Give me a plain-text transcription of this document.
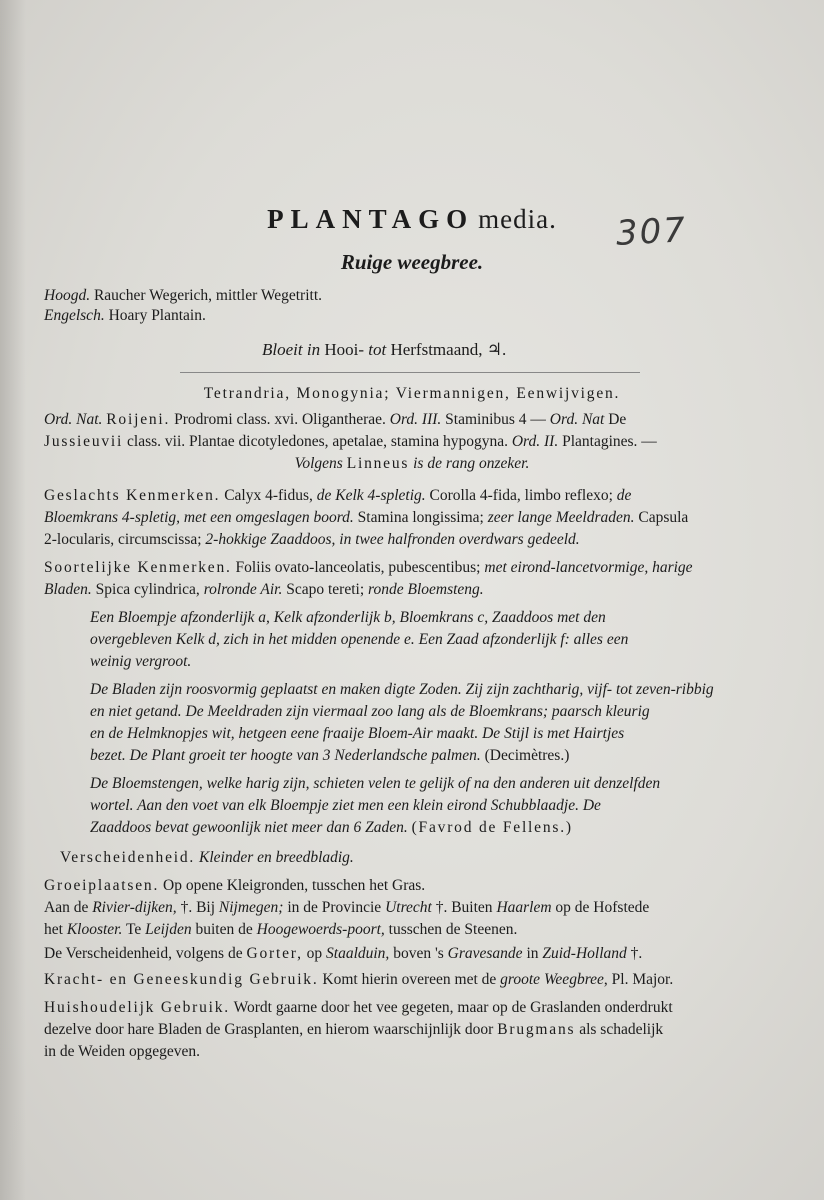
PLANTAGO media.	307
Ruige weegbree.
Hoogd. Raucher Wegerich, mittler Wegetritt.
Engelsch. Hoary Plantain.
Bloeit in Hooi- tot Herfstmaand, ♃.
Tetrandria, Monogynia; Viermannigen, Eenwijvigen.
Ord. Nat. Roijeni. Prodromi class. xvi. Oligantherae. Ord. III. Staminibus 4 — Ord. Nat De
Jussieuvii class. vii. Plantae dicotyledones, apetalae, stamina hypogyna. Ord. II. Plantagines. —
Volgens Linneus is de rang onzeker.
Geslachts Kenmerken. Calyx 4-fidus, de Kelk 4-spletig. Corolla 4-fida, limbo reflexo; de
Bloemkrans 4-spletig, met een omgeslagen boord. Stamina longissima; zeer lange Meeldraden. Capsula
2-locularis, circumscissa; 2-hokkige Zaaddoos, in twee halfronden overdwars gedeeld.
Soortelijke Kenmerken. Foliis ovato-lanceolatis, pubescentibus; met eirond-lancetvormige, harige
Bladen. Spica cylindrica, rolronde Air. Scapo tereti; ronde Bloemsteng.
Een Bloempje afzonderlijk a, Kelk afzonderlijk b, Bloemkrans c, Zaaddoos met den
overgebleven Kelk d, zich in het midden openende e. Een Zaad afzonderlijk f: alles een
weinig vergroot.
De Bladen zijn roosvormig geplaatst en maken digte Zoden. Zij zijn zachtharig, vijf- tot zeven-ribbig
en niet getand. De Meeldraden zijn viermaal zoo lang als de Bloemkrans; paarsch kleurig
en de Helmknopjes wit, hetgeen eene fraaije Bloem-Air maakt. De Stijl is met Hairtjes
bezet. De Plant groeit ter hoogte van 3 Nederlandsche palmen. (Decimètres.)
De Bloemstengen, welke harig zijn, schieten velen te gelijk of na den anderen uit denzelfden
wortel. Aan den voet van elk Bloempje ziet men een klein eirond Schubblaadje. De
Zaaddoos bevat gewoonlijk niet meer dan 6 Zaden. (Favrod de Fellens.)
Verscheidenheid. Kleinder en breedbladig.
Groeiplaatsen. Op opene Kleigronden, tusschen het Gras.
Aan de Rivier-dijken, †. Bij Nijmegen; in de Provincie Utrecht †. Buiten Haarlem op de Hofstede
het Klooster. Te Leijden buiten de Hoogewoerds-poort, tusschen de Steenen.
De Verscheidenheid, volgens de Gorter, op Staalduin, boven 's Gravesande in Zuid-Holland †.
Kracht- en Geneeskundig Gebruik. Komt hierin overeen met de groote Weegbree, Pl. Major.
Huishoudelijk Gebruik. Wordt gaarne door het vee gegeten, maar op de Graslanden onderdrukt
dezelve door hare Bladen de Grasplanten, en hierom waarschijnlijk door Brugmans als schadelijk
in de Weiden opgegeven.
